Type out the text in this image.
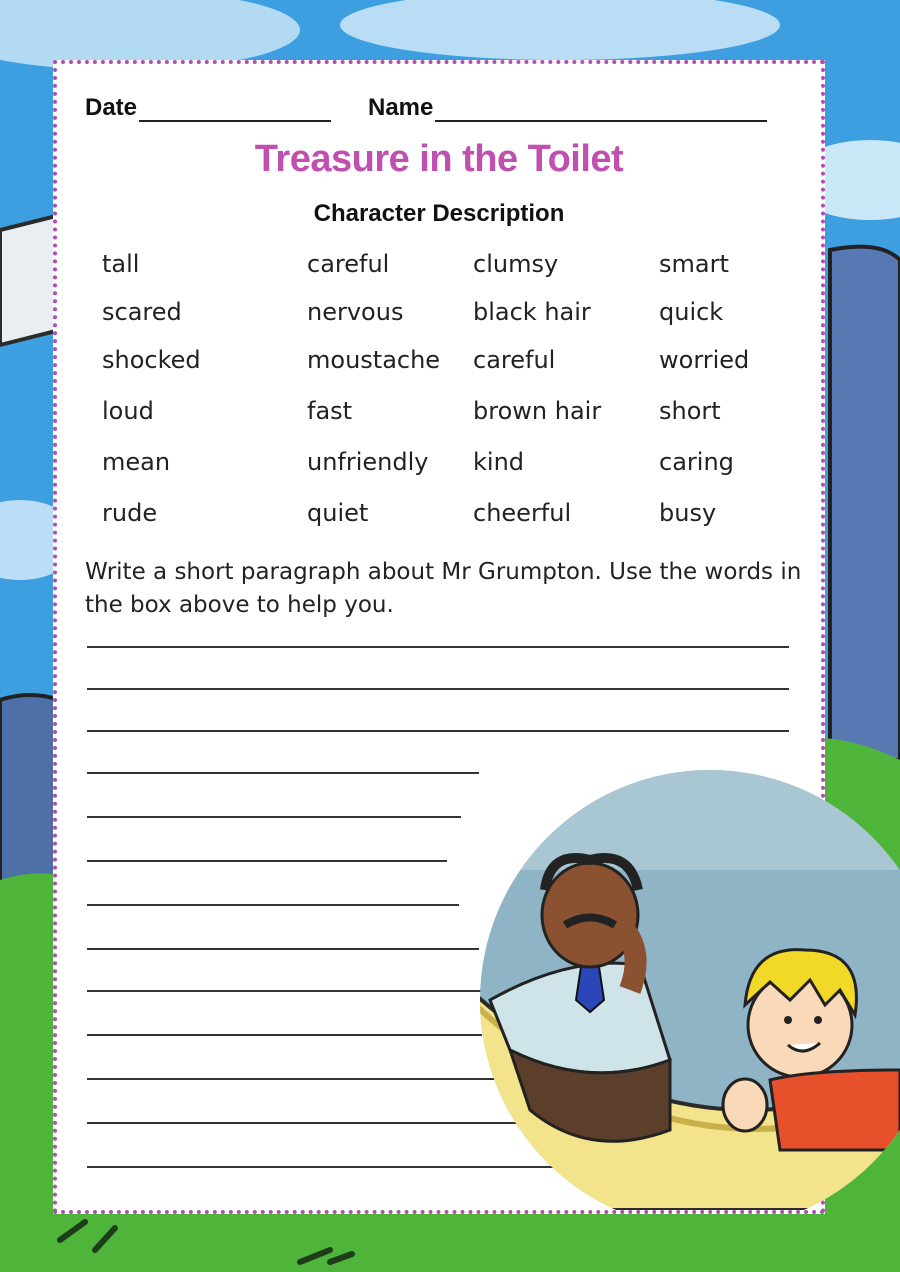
Date	Name
Treasure in the Toilet
Character Description
tall
scared
shocked
loud
mean
rude
careful
nervous
moustache
fast
unfriendly
quiet
clumsy
black hair
careful
brown hair
kind
cheerful
smart
quick
worried
short
caring
busy
Write a short paragraph about Mr Grumpton. Use the words in the box above to help you.
